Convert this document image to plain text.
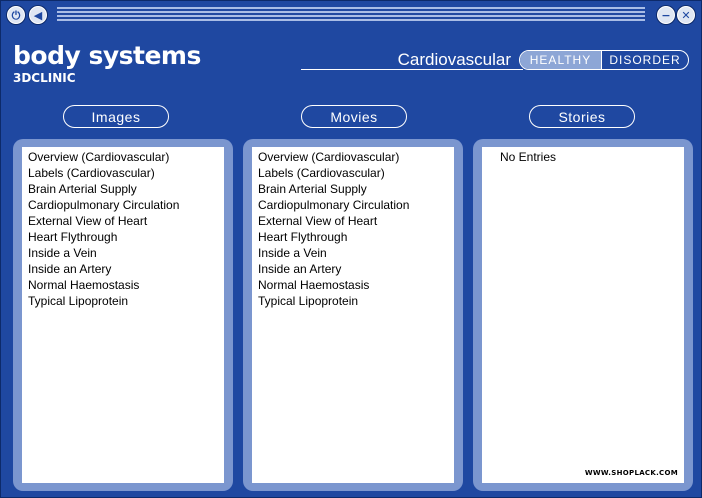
⏻	◀	− ✕
body systems
3DCLINIC
Cardiovascular	HEALTHY	DISORDER
Images	Movies	Stories
Overview (Cardiovascular)
Labels (Cardiovascular)
Brain Arterial Supply
Cardiopulmonary Circulation
External View of Heart
Heart Flythrough
Inside a Vein
Inside an Artery
Normal Haemostasis
Typical Lipoprotein
Overview (Cardiovascular)
Labels (Cardiovascular)
Brain Arterial Supply
Cardiopulmonary Circulation
External View of Heart
Heart Flythrough
Inside a Vein
Inside an Artery
Normal Haemostasis
Typical Lipoprotein
No Entries
WWW.SHOPLACK.COM
